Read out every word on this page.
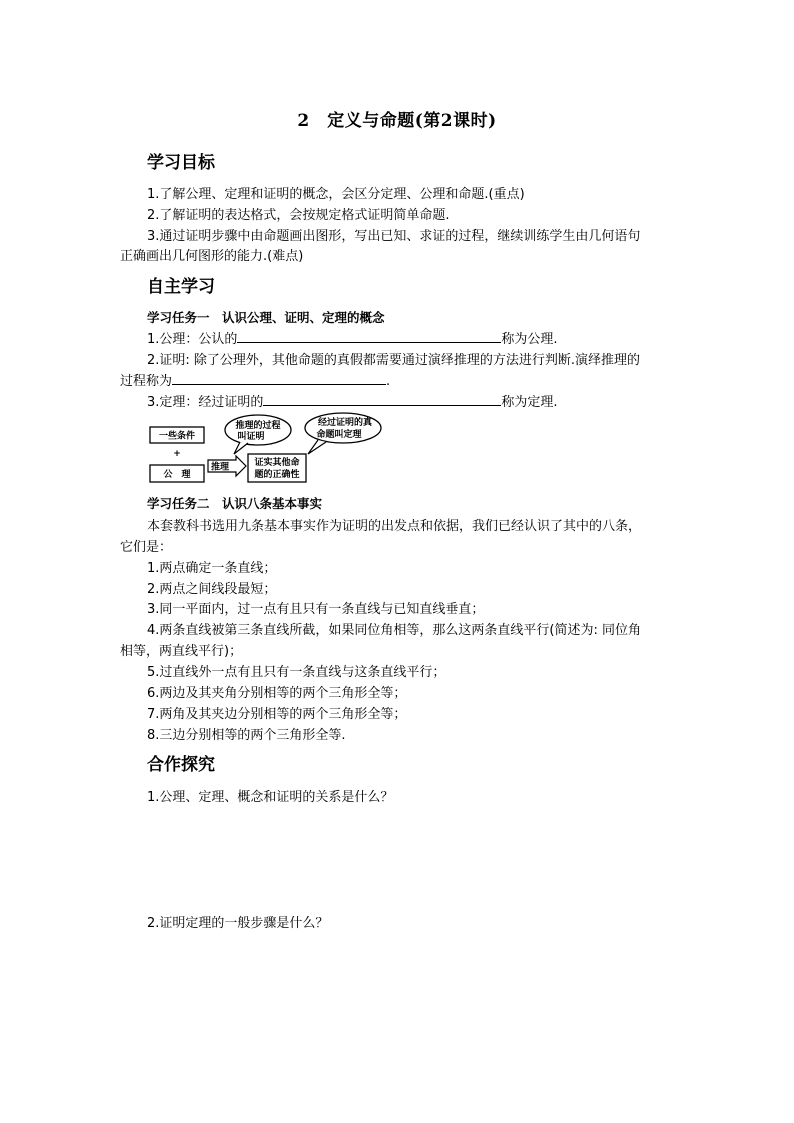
2　定义与命题(第2课时)
学习目标
1.了解公理、定理和证明的概念，会区分定理、公理和命题.(重点)
2.了解证明的表达格式，会按规定格式证明简单命题.
3.通过证明步骤中由命题画出图形，写出已知、求证的过程，继续训练学生由几何语句
正确画出几何图形的能力.(难点)
自主学习
学习任务一　认识公理、证明、定理的概念
1.公理：公认的	称为公理.
2.证明: 除了公理外，其他命题的真假都需要通过演绎推理的方法进行判断.演绎推理的
过程称为	.
3.定理：经过证明的	称为定理.
一些条件
+
公　理
推理	证实其他命
题的正确性
推理的过程
叫证明
经过证明的真
命题叫定理
学习任务二　认识八条基本事实
本套教科书选用九条基本事实作为证明的出发点和依据，我们已经认识了其中的八条，
它们是：
1.两点确定一条直线；
2.两点之间线段最短；
3.同一平面内，过一点有且只有一条直线与已知直线垂直；
4.两条直线被第三条直线所截，如果同位角相等，那么这两条直线平行(简述为: 同位角
相等，两直线平行)；
5.过直线外一点有且只有一条直线与这条直线平行；
6.两边及其夹角分别相等的两个三角形全等；
7.两角及其夹边分别相等的两个三角形全等；
8.三边分别相等的两个三角形全等.
合作探究
1.公理、定理、概念和证明的关系是什么？
2.证明定理的一般步骤是什么？
